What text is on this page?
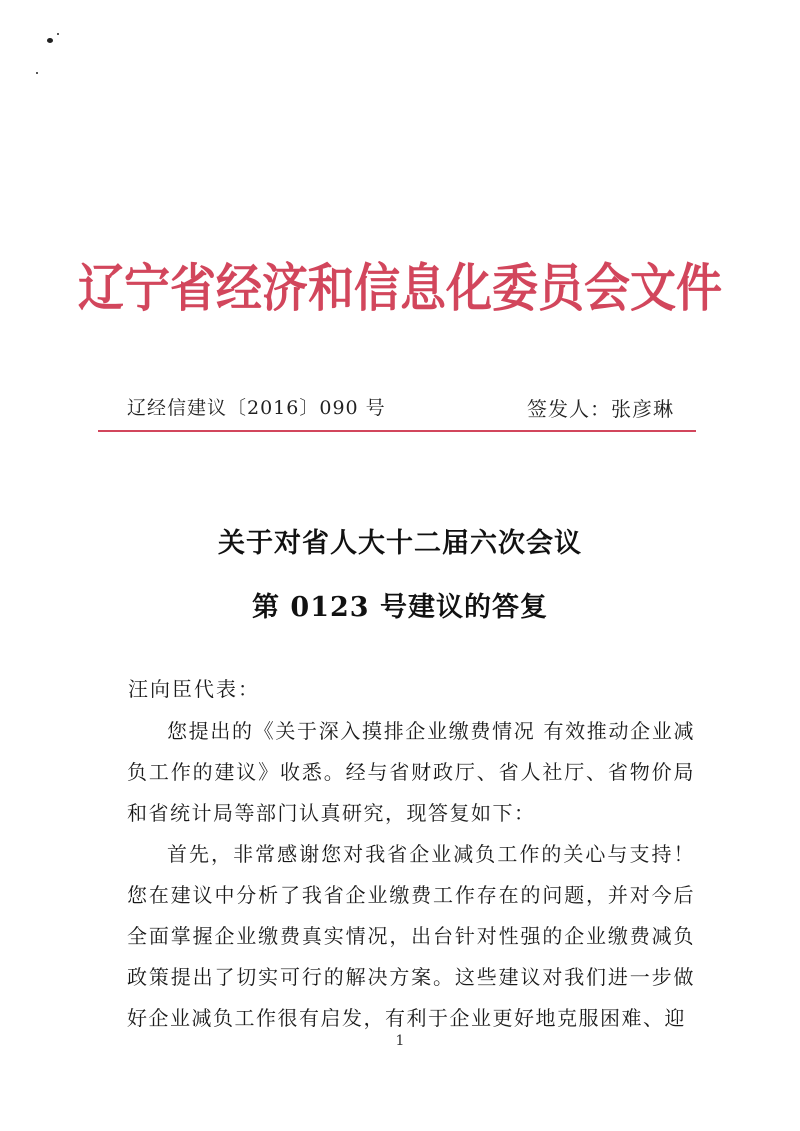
辽宁省经济和信息化委员会文件
辽经信建议〔2016〕090 号	签发人：张彦琳
关于对省人大十二届六次会议
第 0123 号建议的答复
汪向臣代表：
您提出的《关于深入摸排企业缴费情况 有效推动企业减负工作的建议》收悉。经与省财政厅、省人社厅、省物价局和省统计局等部门认真研究，现答复如下：
首先，非常感谢您对我省企业减负工作的关心与支持！您在建议中分析了我省企业缴费工作存在的问题，并对今后全面掌握企业缴费真实情况，出台针对性强的企业缴费减负政策提出了切实可行的解决方案。这些建议对我们进一步做好企业减负工作很有启发，有利于企业更好地克服困难、迎
1
